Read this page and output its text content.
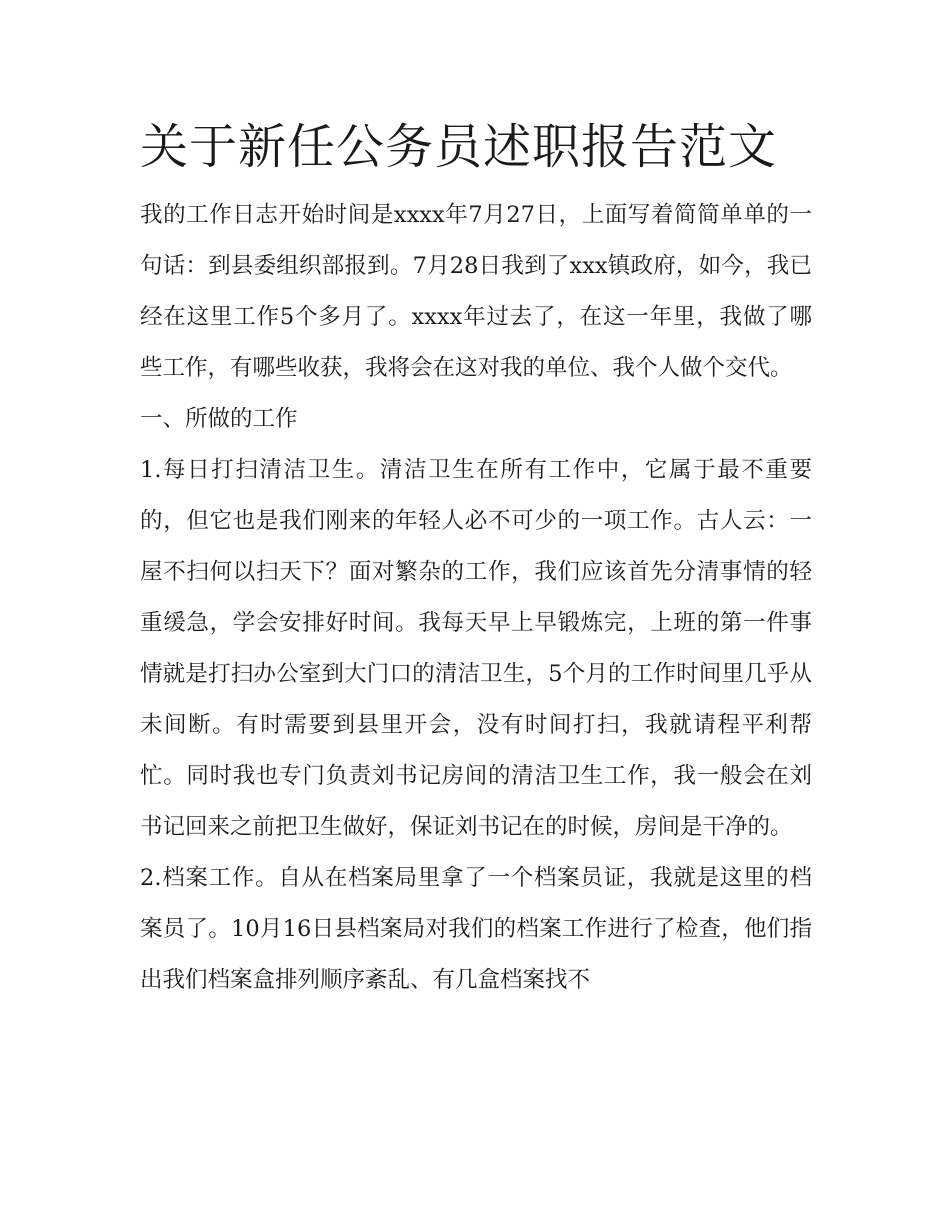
关于新任公务员述职报告范文

我的工作日志开始时间是xxxx年7月27日，上面写着简简单单的一句话：到县委组织部报到。7月28日我到了xxx镇政府，如今，我已经在这里工作5个多月了。xxxx年过去了，在这一年里，我做了哪些工作，有哪些收获，我将会在这对我的单位、我个人做个交代。

一、所做的工作

1.每日打扫清洁卫生。清洁卫生在所有工作中，它属于最不重要的，但它也是我们刚来的年轻人必不可少的一项工作。古人云：一屋不扫何以扫天下？面对繁杂的工作，我们应该首先分清事情的轻重缓急，学会安排好时间。我每天早上早锻炼完，上班的第一件事情就是打扫办公室到大门口的清洁卫生，5个月的工作时间里几乎从未间断。有时需要到县里开会，没有时间打扫，我就请程平利帮忙。同时我也专门负责刘书记房间的清洁卫生工作，我一般会在刘书记回来之前把卫生做好，保证刘书记在的时候，房间是干净的。

2.档案工作。自从在档案局里拿了一个档案员证，我就是这里的档案员了。10月16日县档案局对我们的档案工作进行了检查，他们指出我们档案盒排列顺序紊乱、有几盒档案找不
